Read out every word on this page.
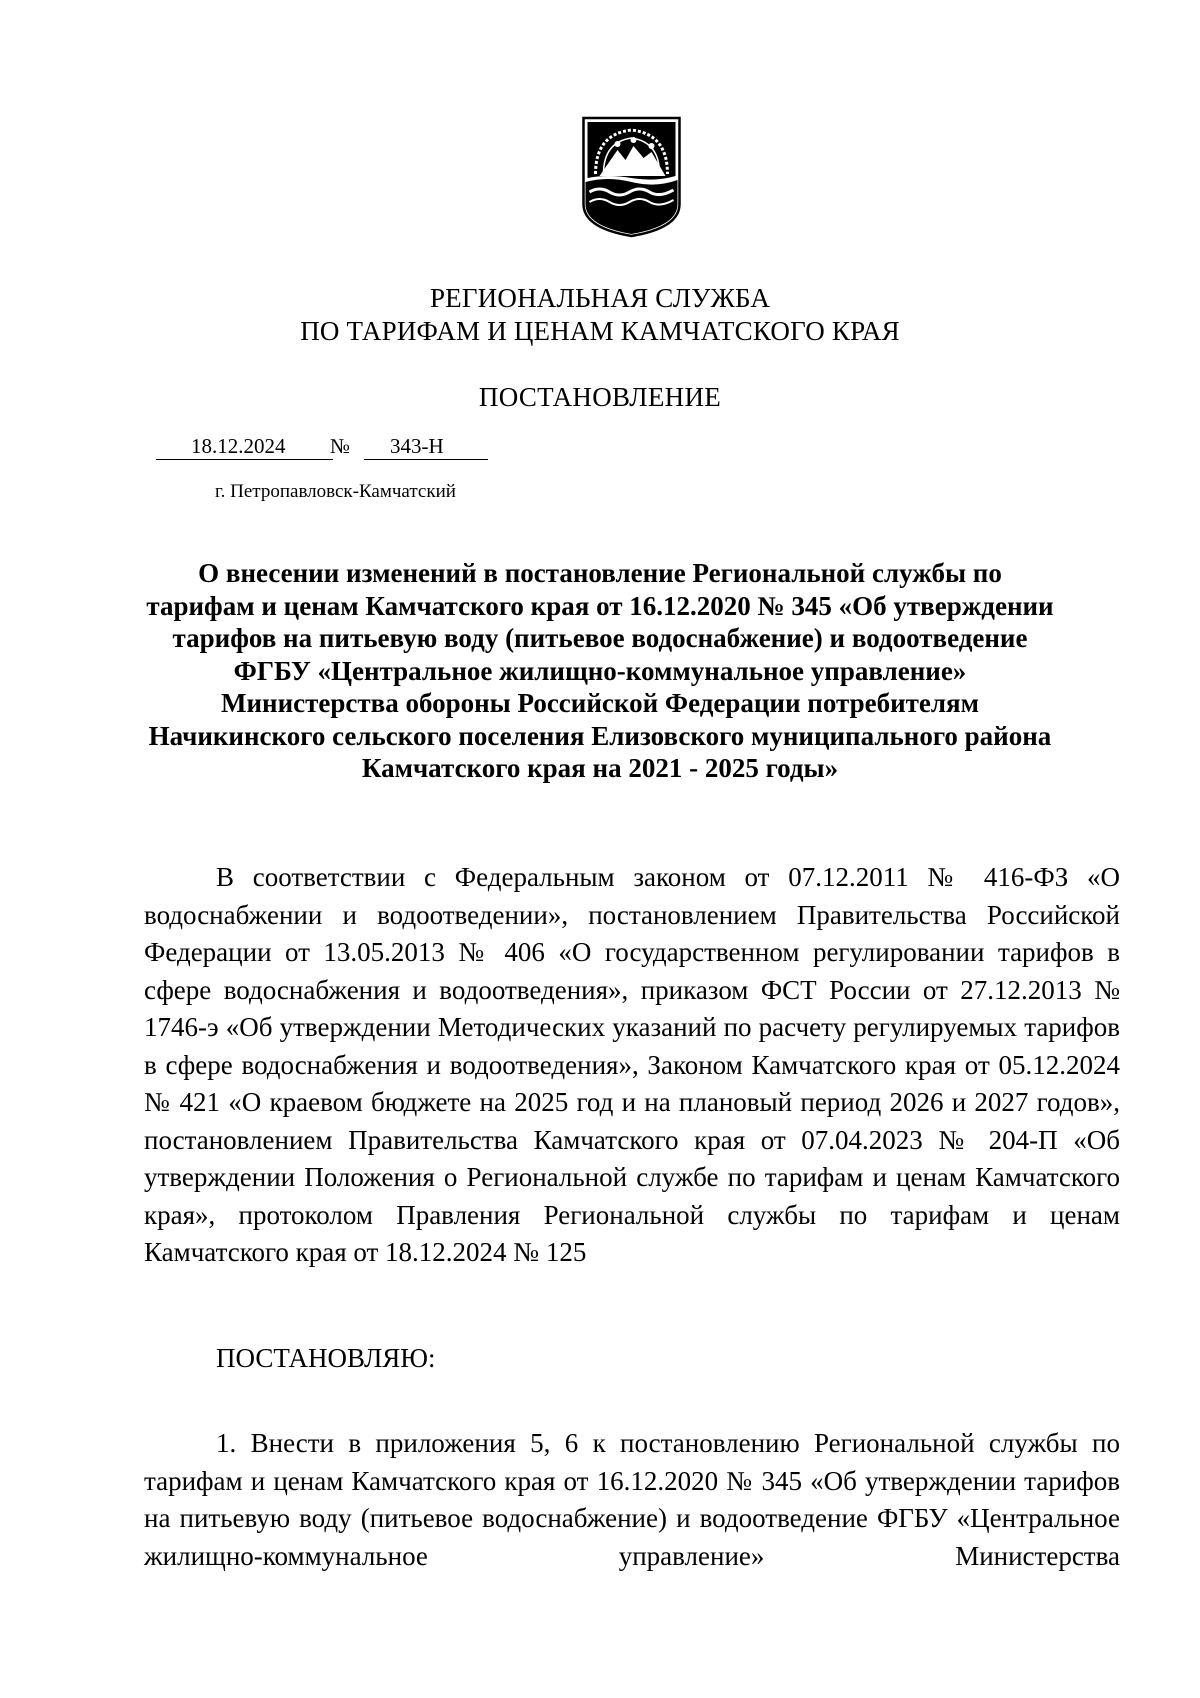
РЕГИОНАЛЬНАЯ СЛУЖБА
ПО ТАРИФАМ И ЦЕНАМ КАМЧАТСКОГО КРАЯ
ПОСТАНОВЛЕНИЕ
18.12.2024 № 343-Н
г. Петропавловск-Камчатский
О внесении изменений в постановление Региональной службы по
тарифам и ценам Камчатского края от 16.12.2020 № 345 «Об утверждении
тарифов на питьевую воду (питьевое водоснабжение) и водоотведение
ФГБУ «Центральное жилищно-коммунальное управление»
Министерства обороны Российской Федерации потребителям
Начикинского сельского поселения Елизовского муниципального района
Камчатского края на 2021 - 2025 годы»

В соответствии с Федеральным законом от 07.12.2011 № 416-ФЗ «О водоснабжении и водоотведении», постановлением Правительства Российской Федерации от 13.05.2013 № 406 «О государственном регулировании тарифов в сфере водоснабжения и водоотведения», приказом ФСТ России от 27.12.2013 № 1746-э «Об утверждении Методических указаний по расчету регулируемых тарифов в сфере водоснабжения и водоотведения», Законом Камчатского края от 05.12.2024 № 421 «О краевом бюджете на 2025 год и на плановый период 2026 и 2027 годов», постановлением Правительства Камчатского края от 07.04.2023 № 204-П «Об утверждении Положения о Региональной службе по тарифам и ценам Камчатского края», протоколом Правления Региональной службы по тарифам и ценам Камчатского края от 18.12.2024 № 125

ПОСТАНОВЛЯЮ:

1. Внести в приложения 5, 6 к постановлению Региональной службы по тарифам и ценам Камчатского края от 16.12.2020 № 345 «Об утверждении тарифов на питьевую воду (питьевое водоснабжение) и водоотведение ФГБУ «Центральное жилищно-коммунальное управление» Министерства
